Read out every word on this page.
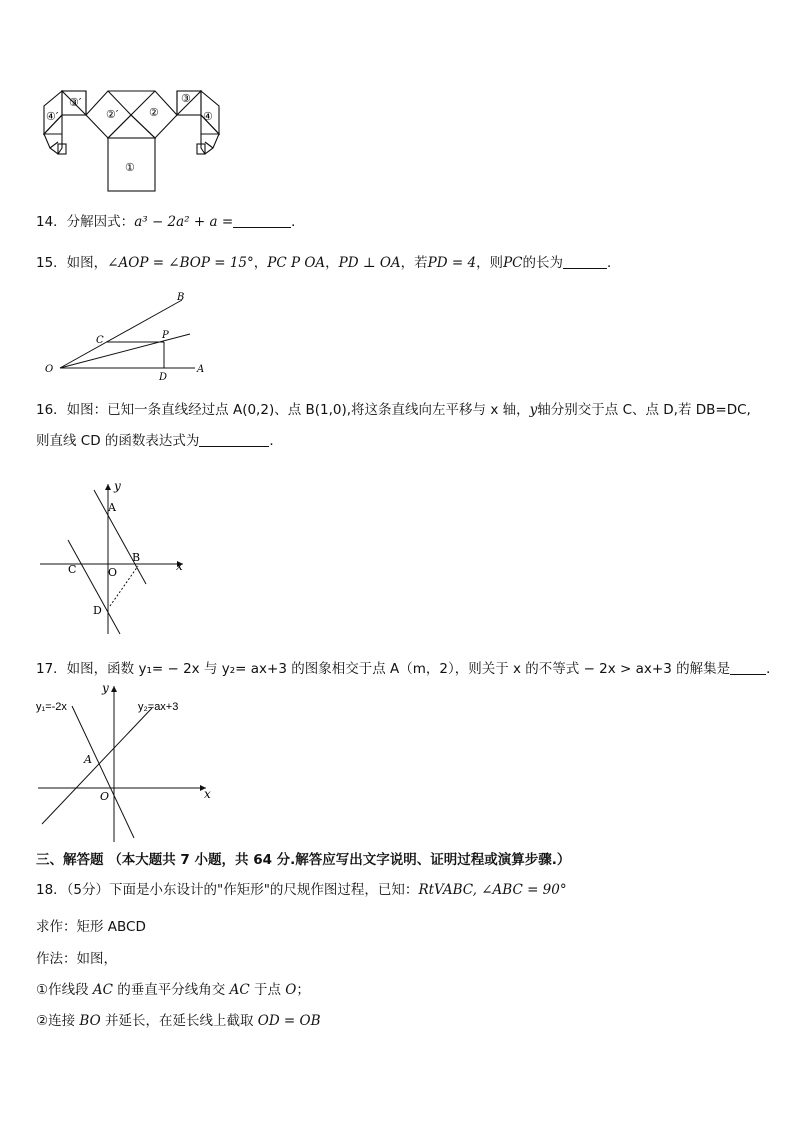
①
②
②′
③
③′
④
④′
14．分解因式：a³ − 2a² + a =	．
15．如图，∠AOP = ∠BOP = 15°，PC P OA，PD ⊥ OA，若PD = 4，则PC的长为	．
B
C	P
O
D
A
16．如图：已知一条直线经过点 A(0,2)、点 B(1,0),将这条直线向左平移与 x 轴，y轴分别交于点 C、点 D,若 DB=DC,
则直线 CD 的函数表达式为	．
y
x
A
B
C	O
D
17．如图，函数 y₁= − 2x 与 y₂= ax+3 的图象相交于点 A（m，2），则关于 x 的不等式 − 2x > ax+3 的解集是	．
y
x
A
O
y₁=-2x	y₂=ax+3
三、解答题 （本大题共 7 小题，共 64 分.解答应写出文字说明、证明过程或演算步骤.）
18．（5分）下面是小东设计的"作矩形"的尺规作图过程，已知：RtVABC, ∠ABC = 90°
求作：矩形 ABCD
作法：如图，
①作线段 AC 的垂直平分线角交 AC 于点 O；
②连接 BO 并延长，在延长线上截取 OD = OB
